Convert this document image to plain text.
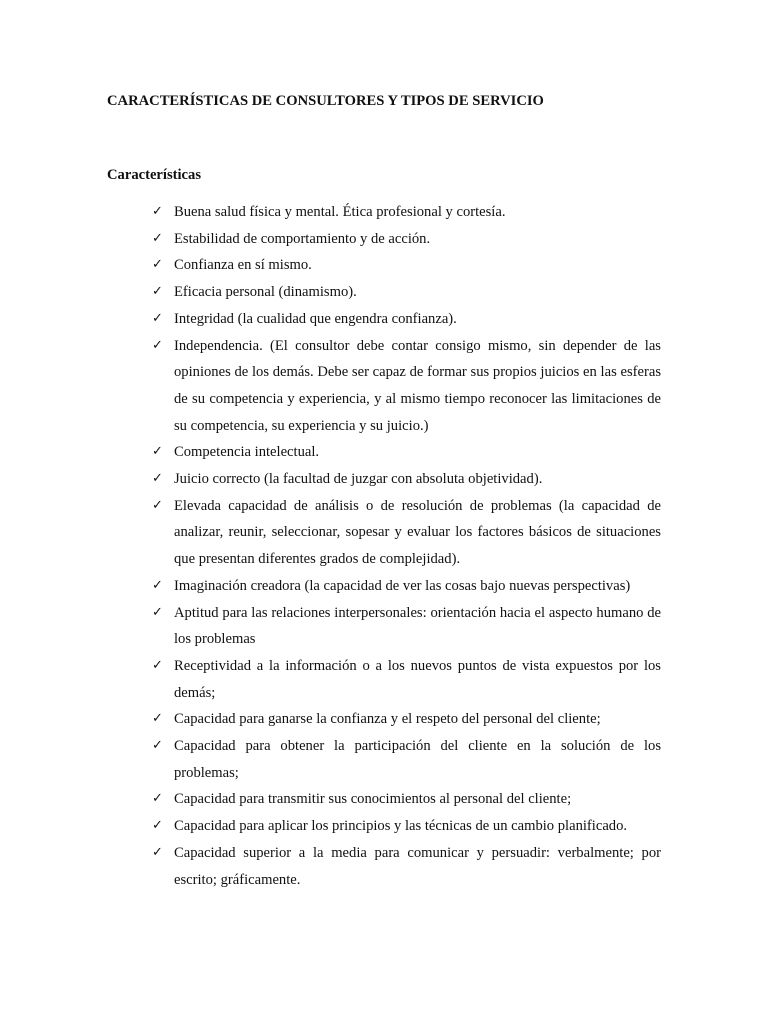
CARACTERÍSTICAS DE CONSULTORES Y TIPOS DE SERVICIO
Características
✓ Buena salud física y mental. Ética profesional y cortesía.
✓ Estabilidad de comportamiento y de acción.
✓ Confianza en sí mismo.
✓ Eficacia personal (dinamismo).
✓ Integridad (la cualidad que engendra confianza).
✓ Independencia. (El consultor debe contar consigo mismo, sin depender de las opiniones de los demás. Debe ser capaz de formar sus propios juicios en las esferas de su competencia y experiencia, y al mismo tiempo reconocer las limitaciones de su competencia, su experiencia y su juicio.)
✓ Competencia intelectual.
✓ Juicio correcto (la facultad de juzgar con absoluta objetividad).
✓ Elevada capacidad de análisis o de resolución de problemas (la capacidad de analizar, reunir, seleccionar, sopesar y evaluar los factores básicos de situaciones que presentan diferentes grados de complejidad).
✓ Imaginación creadora (la capacidad de ver las cosas bajo nuevas perspectivas)
✓ Aptitud para las relaciones interpersonales: orientación hacia el aspecto humano de los problemas
✓ Receptividad a la información o a los nuevos puntos de vista expuestos por los demás;
✓ Capacidad para ganarse la confianza y el respeto del personal del cliente;
✓ Capacidad para obtener la participación del cliente en la solución de los problemas;
✓ Capacidad para transmitir sus conocimientos al personal del cliente;
✓ Capacidad para aplicar los principios y las técnicas de un cambio planificado.
✓ Capacidad superior a la media para comunicar y persuadir: verbalmente; por escrito; gráficamente.
